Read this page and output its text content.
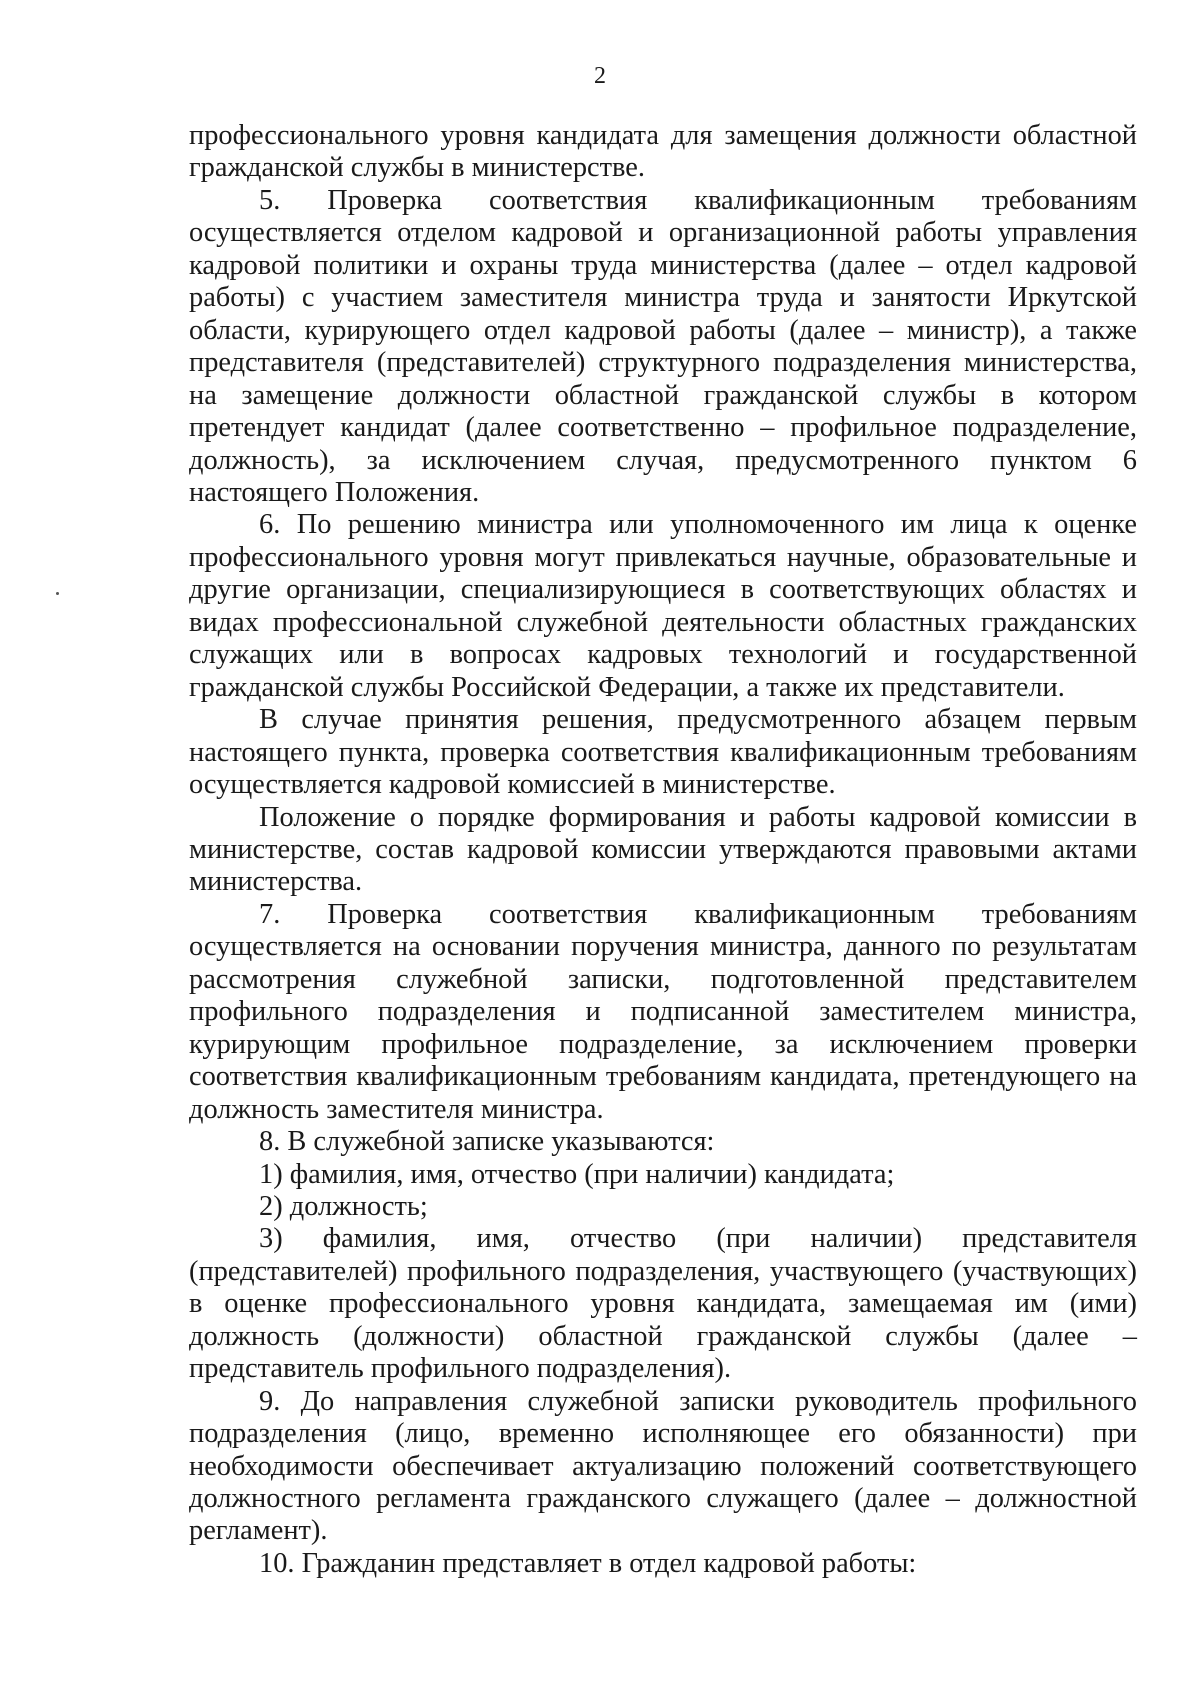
2

профессионального уровня кандидата для замещения должности областной гражданской службы в министерстве.

5. Проверка соответствия квалификационным требованиям осуществляется отделом кадровой и организационной работы управления кадровой политики и охраны труда министерства (далее – отдел кадровой работы) с участием заместителя министра труда и занятости Иркутской области, курирующего отдел кадровой работы (далее – министр), а также представителя (представителей) структурного подразделения министерства, на замещение должности областной гражданской службы в котором претендует кандидат (далее соответственно – профильное подразделение, должность), за исключением случая, предусмотренного пунктом 6 настоящего Положения.

6. По решению министра или уполномоченного им лица к оценке профессионального уровня могут привлекаться научные, образовательные и другие организации, специализирующиеся в соответствующих областях и видах профессиональной служебной деятельности областных гражданских служащих или в вопросах кадровых технологий и государственной гражданской службы Российской Федерации, а также их представители.

В случае принятия решения, предусмотренного абзацем первым настоящего пункта, проверка соответствия квалификационным требованиям осуществляется кадровой комиссией в министерстве.

Положение о порядке формирования и работы кадровой комиссии в министерстве, состав кадровой комиссии утверждаются правовыми актами министерства.

7. Проверка соответствия квалификационным требованиям осуществляется на основании поручения министра, данного по результатам рассмотрения служебной записки, подготовленной представителем профильного подразделения и подписанной заместителем министра, курирующим профильное подразделение, за исключением проверки соответствия квалификационным требованиям кандидата, претендующего на должность заместителя министра.

8. В служебной записке указываются:

1) фамилия, имя, отчество (при наличии) кандидата;

2) должность;

3) фамилия, имя, отчество (при наличии) представителя (представителей) профильного подразделения, участвующего (участвующих) в оценке профессионального уровня кандидата, замещаемая им (ими) должность (должности) областной гражданской службы (далее – представитель профильного подразделения).

9. До направления служебной записки руководитель профильного подразделения (лицо, временно исполняющее его обязанности) при необходимости обеспечивает актуализацию положений соответствующего должностного регламента гражданского служащего (далее – должностной регламент).

10. Гражданин представляет в отдел кадровой работы:
